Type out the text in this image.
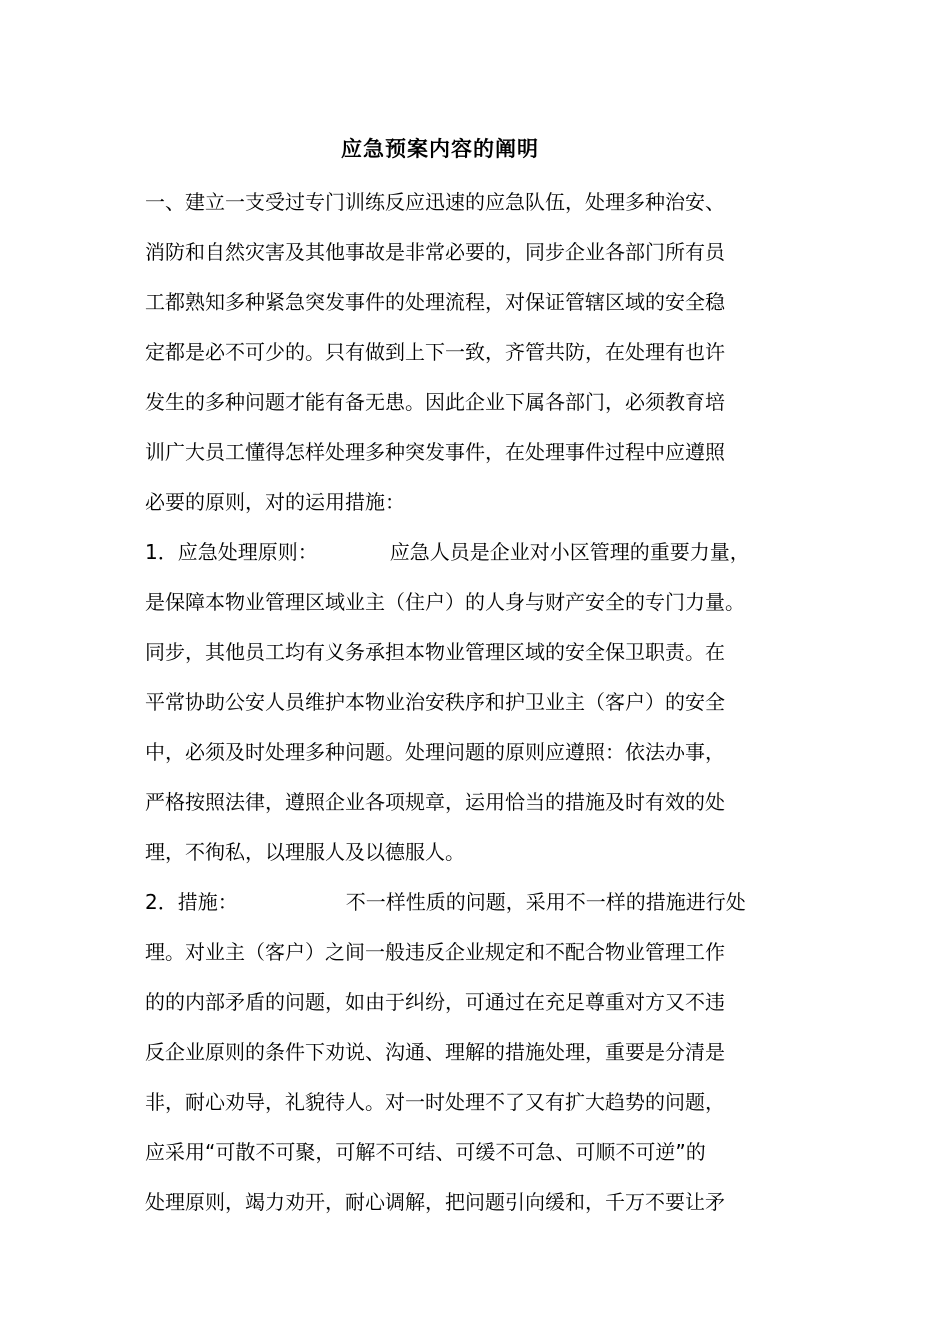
应急预案内容的阐明
一、建立一支受过专门训练反应迅速的应急队伍，处理多种治安、
消防和自然灾害及其他事故是非常必要的，同步企业各部门所有员
工都熟知多种紧急突发事件的处理流程，对保证管辖区域的安全稳
定都是必不可少的。只有做到上下一致，齐管共防，在处理有也许
发生的多种问题才能有备无患。因此企业下属各部门，必须教育培
训广大员工懂得怎样处理多种突发事件，在处理事件过程中应遵照
必要的原则，对的运用措施：
1．应急处理原则：	应急人员是企业对小区管理的重要力量，
是保障本物业管理区域业主（住户）的人身与财产安全的专门力量。
同步，其他员工均有义务承担本物业管理区域的安全保卫职责。在
平常协助公安人员维护本物业治安秩序和护卫业主（客户）的安全
中，必须及时处理多种问题。处理问题的原则应遵照：依法办事，
严格按照法律，遵照企业各项规章，运用恰当的措施及时有效的处
理，不徇私，以理服人及以德服人。
2．措施：	不一样性质的问题，采用不一样的措施进行处
理。对业主（客户）之间一般违反企业规定和不配合物业管理工作
的的内部矛盾的问题，如由于纠纷，可通过在充足尊重对方又不违
反企业原则的条件下劝说、沟通、理解的措施处理，重要是分清是
非，耐心劝导，礼貌待人。对一时处理不了又有扩大趋势的问题，
应采用“可散不可聚，可解不可结、可缓不可急、可顺不可逆”的
处理原则，竭力劝开，耐心调解，把问题引向缓和，千万不要让矛
